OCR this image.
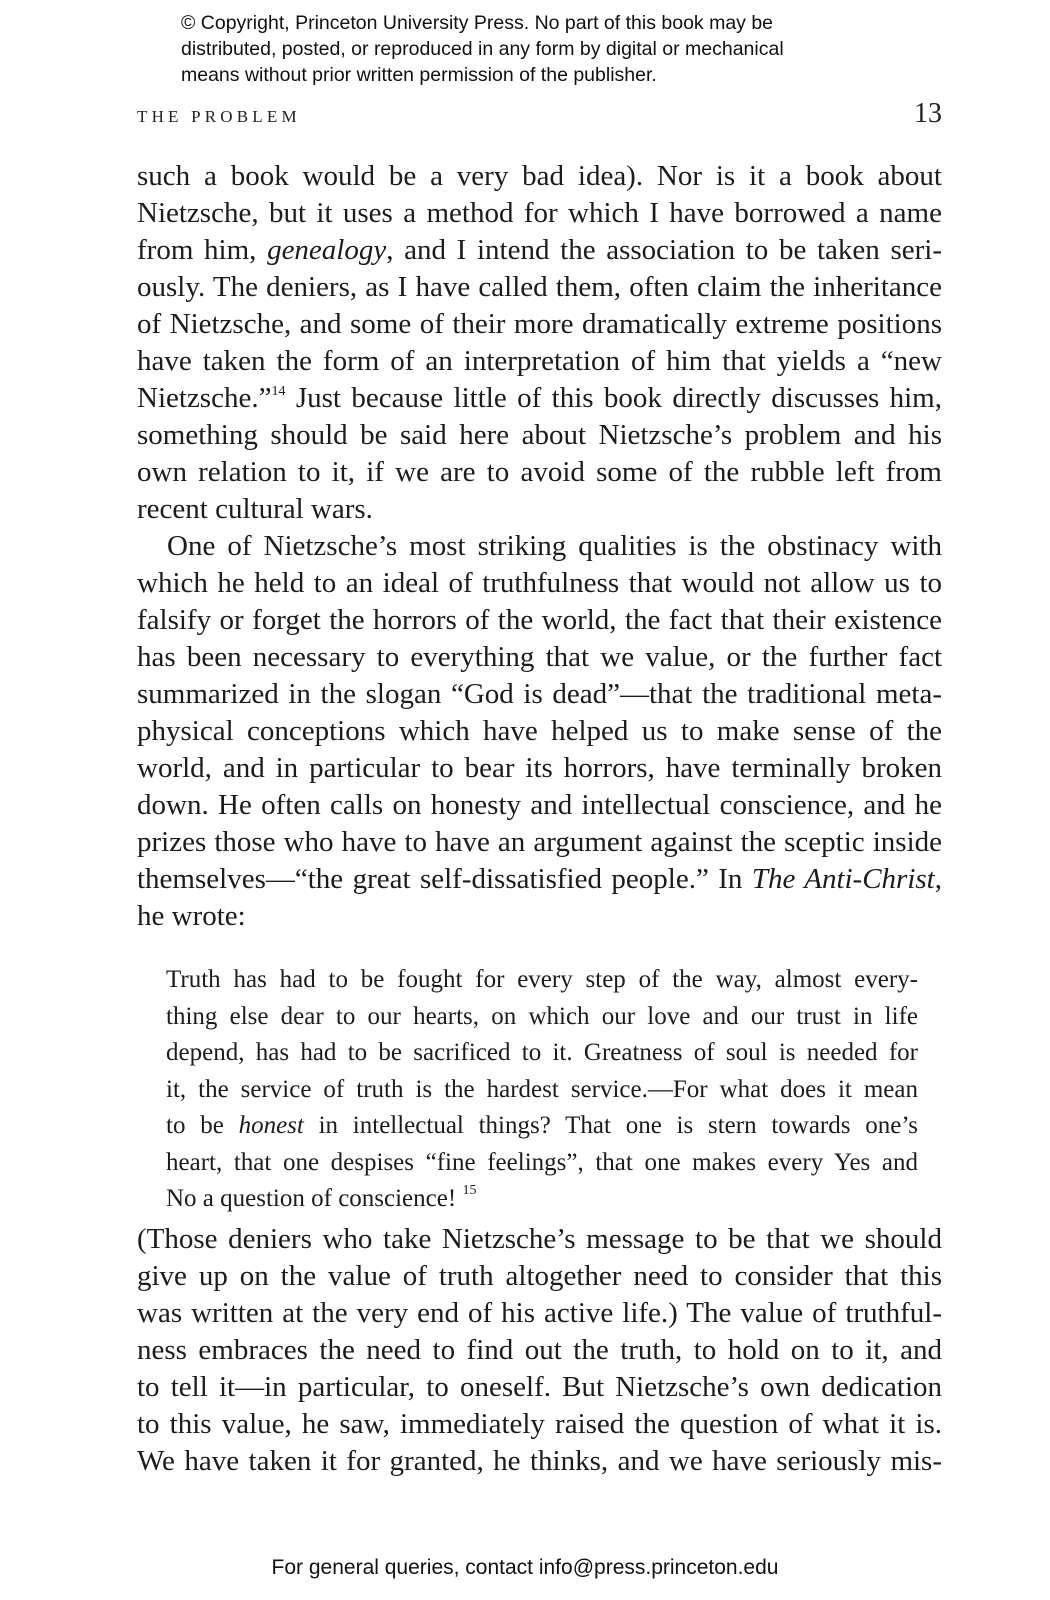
© Copyright, Princeton University Press. No part of this book may be
distributed, posted, or reproduced in any form by digital or mechanical
means without prior written permission of the publisher.
THE PROBLEM	13
such a book would be a very bad idea). Nor is it a book about
Nietzsche, but it uses a method for which I have borrowed a name
from him, genealogy, and I intend the association to be taken seri-
ously. The deniers, as I have called them, often claim the inheritance
of Nietzsche, and some of their more dramatically extreme positions
have taken the form of an interpretation of him that yields a “new
Nietzsche.”$^{14}$ Just because little of this book directly discusses him,
something should be said here about Nietzsche’s problem and his
own relation to it, if we are to avoid some of the rubble left from
recent cultural wars.
One of Nietzsche’s most striking qualities is the obstinacy with
which he held to an ideal of truthfulness that would not allow us to
falsify or forget the horrors of the world, the fact that their existence
has been necessary to everything that we value, or the further fact
summarized in the slogan “God is dead”—that the traditional meta-
physical conceptions which have helped us to make sense of the
world, and in particular to bear its horrors, have terminally broken
down. He often calls on honesty and intellectual conscience, and he
prizes those who have to have an argument against the sceptic inside
themselves—“the great self-dissatisfied people.” In The Anti-Christ,
he wrote:
Truth has had to be fought for every step of the way, almost every-
thing else dear to our hearts, on which our love and our trust in life
depend, has had to be sacrificed to it. Greatness of soul is needed for
it, the service of truth is the hardest service.—For what does it mean
to be honest in intellectual things? That one is stern towards one’s
heart, that one despises “fine feelings”, that one makes every Yes and
No a question of conscience! $^{15}$
(Those deniers who take Nietzsche’s message to be that we should
give up on the value of truth altogether need to consider that this
was written at the very end of his active life.) The value of truthful-
ness embraces the need to find out the truth, to hold on to it, and
to tell it—in particular, to oneself. But Nietzsche’s own dedication
to this value, he saw, immediately raised the question of what it is.
We have taken it for granted, he thinks, and we have seriously mis-
For general queries, contact info@press.princeton.edu
